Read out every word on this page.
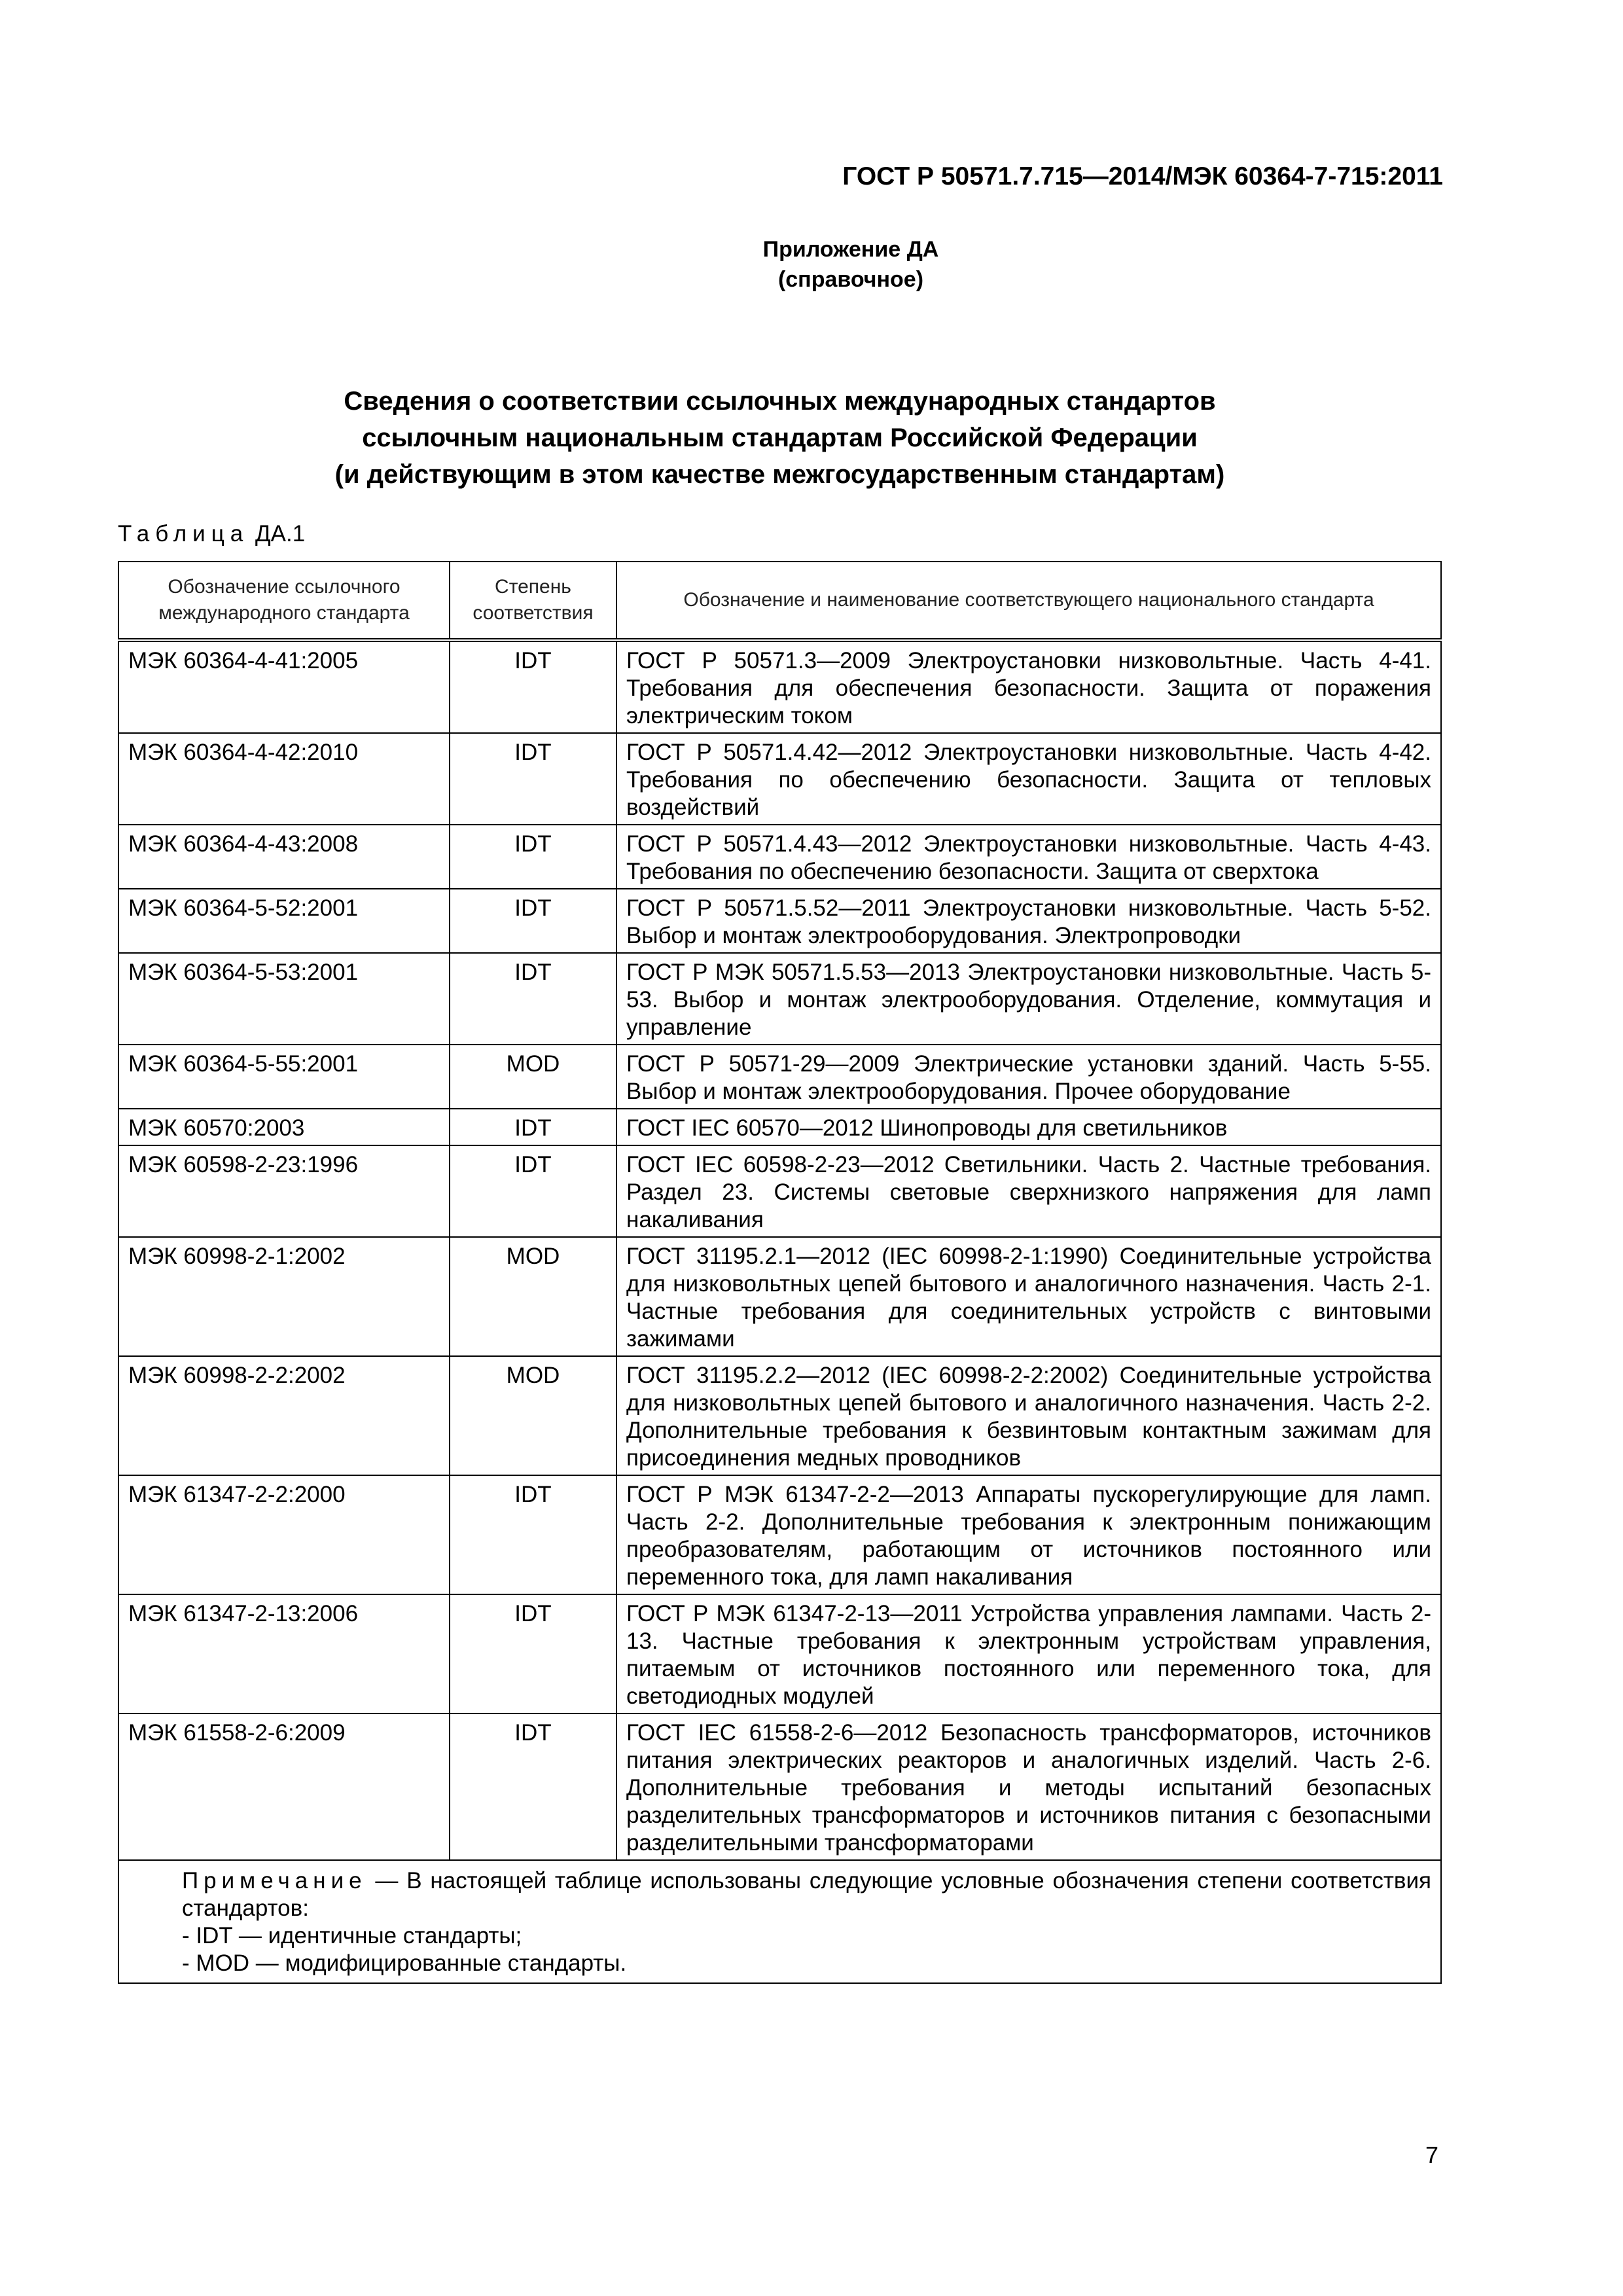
ГОСТ Р 50571.7.715—2014/МЭК 60364-7-715:2011
Приложение ДА
(справочное)
Сведения о соответствии ссылочных международных стандартов
ссылочным национальным стандартам Российской Федерации
(и действующим в этом качестве межгосударственным стандартам)
Таблица ДА.1
Обозначение ссылочного международного стандарта	Степень соответствия	Обозначение и наименование соответствующего национального стандарта
МЭК 60364-4-41:2005	IDT	ГОСТ Р 50571.3—2009 Электроустановки низковольтные. Часть 4-41. Требования для обеспечения безопасности. Защита от поражения электрическим током
МЭК 60364-4-42:2010	IDT	ГОСТ Р 50571.4.42—2012 Электроустановки низковольтные. Часть 4-42. Требования по обеспечению безопасности. Защита от тепловых воздействий
МЭК 60364-4-43:2008	IDT	ГОСТ Р 50571.4.43—2012 Электроустановки низковольтные. Часть 4-43. Требования по обеспечению безопасности. Защита от сверхтока
МЭК 60364-5-52:2001	IDT	ГОСТ Р 50571.5.52—2011 Электроустановки низковольтные. Часть 5-52. Выбор и монтаж электрооборудования. Электропроводки
МЭК 60364-5-53:2001	IDT	ГОСТ Р МЭК 50571.5.53—2013 Электроустановки низковольтные. Часть 5-53. Выбор и монтаж электрооборудования. Отделение, коммутация и управление
МЭК 60364-5-55:2001	MOD	ГОСТ Р 50571-29—2009 Электрические установки зданий. Часть 5-55. Выбор и монтаж электрооборудования. Прочее оборудование
МЭК 60570:2003	IDT	ГОСТ IEC 60570—2012 Шинопроводы для светильников
МЭК 60598-2-23:1996	IDT	ГОСТ IEC 60598-2-23—2012 Светильники. Часть 2. Частные требования. Раздел 23. Системы световые сверхнизкого напряжения для ламп накаливания
МЭК 60998-2-1:2002	MOD	ГОСТ 31195.2.1—2012 (IEC 60998-2-1:1990) Соединительные устройства для низковольтных цепей бытового и аналогичного назначения. Часть 2-1. Частные требования для соединительных устройств с винтовыми зажимами
МЭК 60998-2-2:2002	MOD	ГОСТ 31195.2.2—2012 (IEC 60998-2-2:2002) Соединительные устройства для низковольтных цепей бытового и аналогичного назначения. Часть 2-2. Дополнительные требования к безвинтовым контактным зажимам для присоединения медных проводников
МЭК 61347-2-2:2000	IDT	ГОСТ Р МЭК 61347-2-2—2013 Аппараты пускорегулирующие для ламп. Часть 2-2. Дополнительные требования к электронным понижающим преобразователям, работающим от источников постоянного или переменного тока, для ламп накаливания
МЭК 61347-2-13:2006	IDT	ГОСТ Р МЭК 61347-2-13—2011 Устройства управления лампами. Часть 2-13. Частные требования к электронным устройствам управления, питаемым от источников постоянного или переменного тока, для светодиодных модулей
МЭК 61558-2-6:2009	IDT	ГОСТ IEC 61558-2-6—2012 Безопасность трансформаторов, источников питания электрических реакторов и аналогичных изделий. Часть 2-6. Дополнительные требования и методы испытаний безопасных разделительных трансформаторов и источников питания с безопасными разделительными трансформаторами

Примечание — В настоящей таблице использованы следующие условные обозначения степени соответствия стандартов:

- IDT — идентичные стандарты;

- MOD — модифицированные стандарты.		

7
